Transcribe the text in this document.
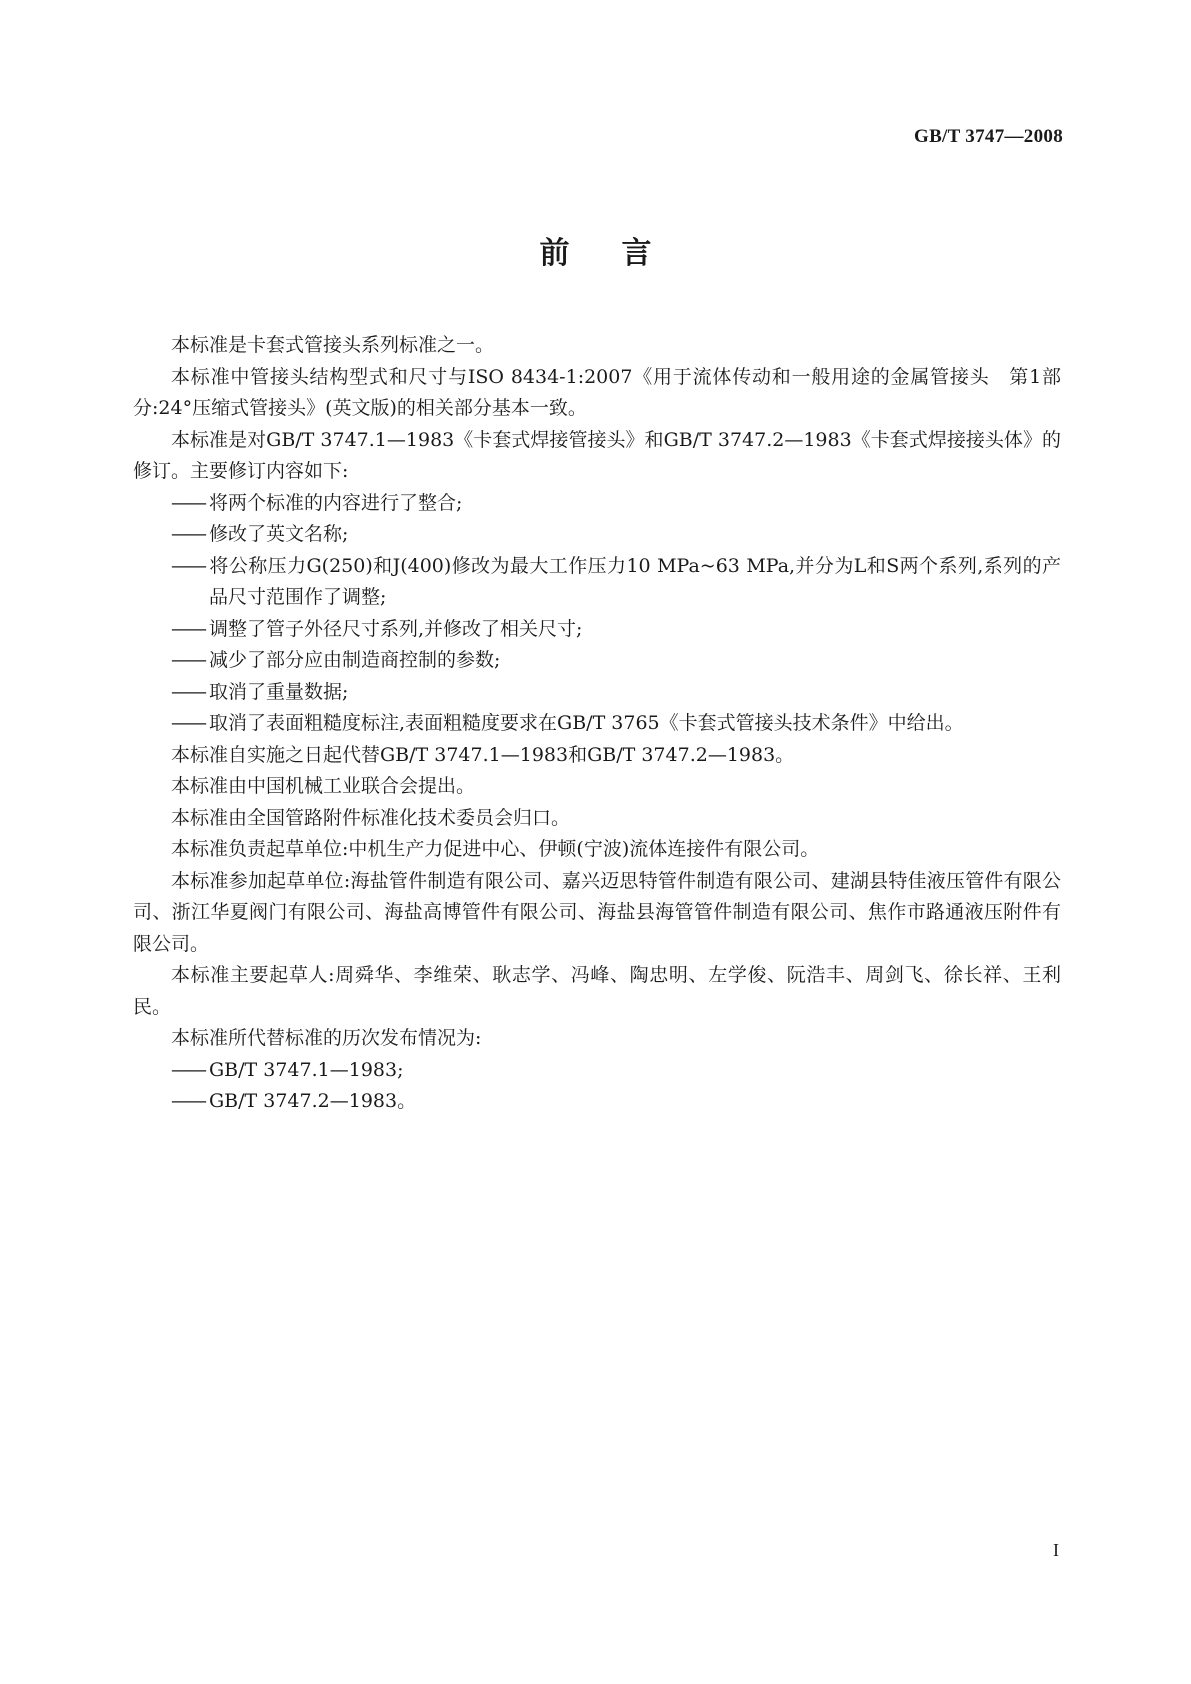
GB/T 3747—2008
前言

本标准是卡套式管接头系列标准之一。

本标准中管接头结构型式和尺寸与ISO 8434-1:2007《用于流体传动和一般用途的金属管接头　第1部分:24°压缩式管接头》(英文版)的相关部分基本一致。

本标准是对GB/T 3747.1—1983《卡套式焊接管接头》和GB/T 3747.2—1983《卡套式焊接接头体》的修订。主要修订内容如下:

—— 将两个标准的内容进行了整合;
—— 修改了英文名称;
—— 将公称压力G(250)和J(400)修改为最大工作压力10 MPa~63 MPa,并分为L和S两个系列,系列的产品尺寸范围作了调整;
—— 调整了管子外径尺寸系列,并修改了相关尺寸;
—— 减少了部分应由制造商控制的参数;
—— 取消了重量数据;
—— 取消了表面粗糙度标注,表面粗糙度要求在GB/T 3765《卡套式管接头技术条件》中给出。

本标准自实施之日起代替GB/T 3747.1—1983和GB/T 3747.2—1983。

本标准由中国机械工业联合会提出。

本标准由全国管路附件标准化技术委员会归口。

本标准负责起草单位:中机生产力促进中心、伊顿(宁波)流体连接件有限公司。

本标准参加起草单位:海盐管件制造有限公司、嘉兴迈思特管件制造有限公司、建湖县特佳液压管件有限公司、浙江华夏阀门有限公司、海盐高博管件有限公司、海盐县海管管件制造有限公司、焦作市路通液压附件有限公司。

本标准主要起草人:周舜华、李维荣、耿志学、冯峰、陶忠明、左学俊、阮浩丰、周剑飞、徐长祥、王利民。

本标准所代替标准的历次发布情况为:

—— GB/T 3747.1—1983;
—— GB/T 3747.2—1983。
I
